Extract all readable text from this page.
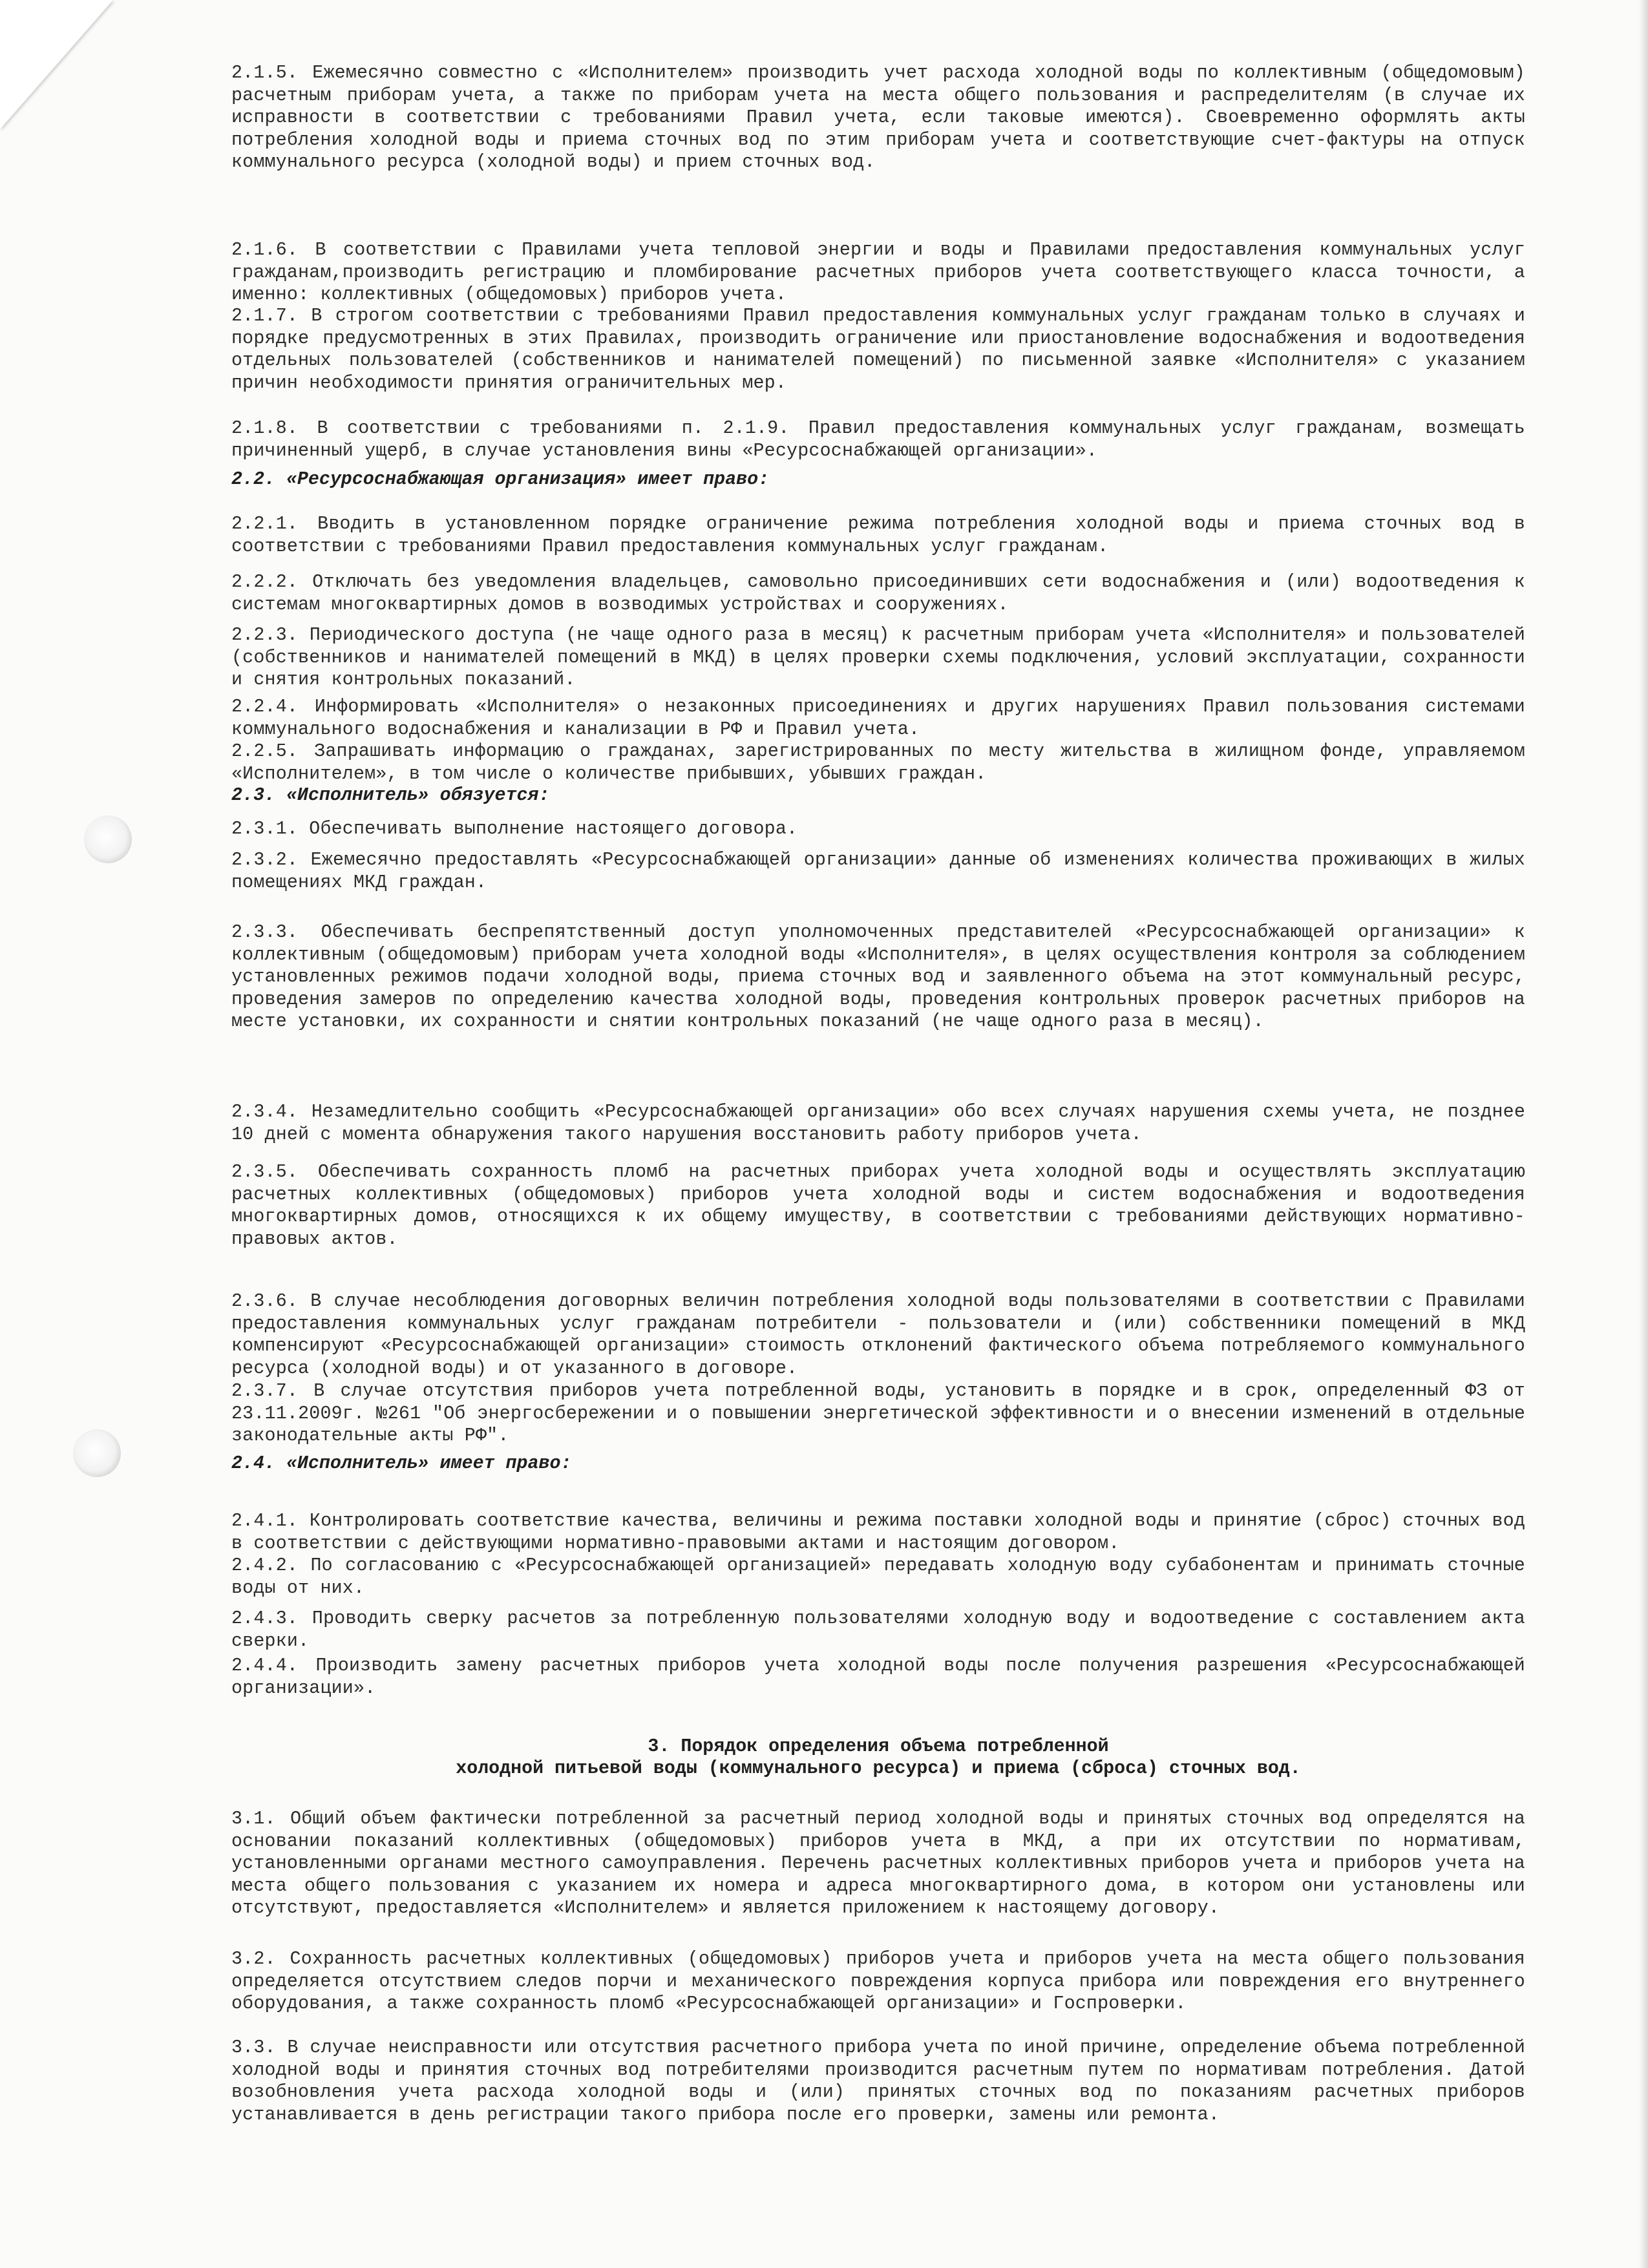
2.1.5. Ежемесячно совместно с «Исполнителем» производить учет расхода холодной воды по коллективным (общедомовым) расчетным приборам учета, а также по приборам учета на места общего пользования и распределителям (в случае их исправности в соответствии с требованиями Правил учета, если таковые имеются). Своевременно оформлять акты потребления холодной воды и приема сточных вод по этим приборам учета и соответствующие счет-фактуры на отпуск коммунального ресурса (холодной воды) и прием сточных вод.
2.1.6. В соответствии с Правилами учета тепловой энергии и воды и Правилами предоставления коммунальных услуг гражданам,производить регистрацию и пломбирование расчетных приборов учета соответствующего класса точности, а именно: коллективных (общедомовых) приборов учета.
2.1.7. В строгом соответствии с требованиями Правил предоставления коммунальных услуг гражданам только в случаях и порядке предусмотренных в этих Правилах, производить ограничение или приостановление водоснабжения и водоотведения отдельных пользователей (собственников и нанимателей помещений) по письменной заявке «Исполнителя» с указанием причин необходимости принятия ограничительных мер.
2.1.8. В соответствии с требованиями п. 2.1.9. Правил предоставления коммунальных услуг гражданам, возмещать причиненный ущерб, в случае установления вины «Ресурсоснабжающей организации».
2.2. «Ресурсоснабжающая организация» имеет право:
2.2.1. Вводить в установленном порядке ограничение режима потребления холодной воды и приема сточных вод в соответствии с требованиями Правил предоставления коммунальных услуг гражданам.
2.2.2. Отключать без уведомления владельцев, самовольно присоединивших сети водоснабжения и (или) водоотведения к системам многоквартирных домов в возводимых устройствах и сооружениях.
2.2.3. Периодического доступа (не чаще одного раза в месяц) к расчетным приборам учета «Исполнителя» и пользователей (собственников и нанимателей помещений в МКД) в целях проверки схемы подключения, условий эксплуатации, сохранности и снятия контрольных показаний.
2.2.4. Информировать «Исполнителя» о незаконных присоединениях и других нарушениях Правил пользования системами коммунального водоснабжения и канализации в РФ и Правил учета.
2.2.5. Запрашивать информацию о гражданах, зарегистрированных по месту жительства в жилищном фонде, управляемом «Исполнителем», в том числе о количестве прибывших, убывших граждан.
2.3. «Исполнитель» обязуетcя:
2.3.1. Обеспечивать выполнение настоящего договора.
2.3.2. Ежемесячно предоставлять «Ресурсоснабжающей организации» данные об изменениях количества проживающих в жилых помещениях МКД граждан.
2.3.3. Обеспечивать беспрепятственный доступ уполномоченных представителей «Ресурсоснабжающей организации» к коллективным (общедомовым) приборам учета холодной воды «Исполнителя», в целях осуществления контроля за соблюдением установленных режимов подачи холодной воды, приема сточных вод и заявленного объема на этот коммунальный ресурс, проведения замеров по определению качества холодной воды, проведения контрольных проверок расчетных приборов на месте установки, их сохранности и снятии контрольных показаний (не чаще одного раза в месяц).
2.3.4. Незамедлительно сообщить «Ресурсоснабжающей организации» обо всех случаях нарушения схемы учета, не позднее 10 дней с момента обнаружения такого нарушения восстановить работу приборов учета.
2.3.5. Обеспечивать сохранность пломб на расчетных приборах учета холодной воды и осуществлять эксплуатацию расчетных коллективных (общедомовых) приборов учета холодной воды и систем водоснабжения и водоотведения многоквартирных домов, относящихся к их общему имуществу, в соответствии с требованиями действующих нормативно-правовых актов.
2.3.6. В случае несоблюдения договорных величин потребления холодной воды пользователями в соответствии с Правилами предоставления коммунальных услуг гражданам потребители - пользователи и (или) собственники помещений в МКД компенсируют «Ресурсоснабжающей организации» стоимость отклонений фактического объема потребляемого коммунального ресурса (холодной воды) и от указанного в договоре.
2.3.7. В случае отсутствия приборов учета потребленной воды, установить в порядке и в срок, определенный ФЗ от 23.11.2009г. №261 "Об энергосбережении и о повышении энергетической эффективности и о внесении изменений в отдельные законодательные акты РФ".
2.4. «Исполнитель» имеет право:
2.4.1. Контролировать соответствие качества, величины и режима поставки холодной воды и принятие (сброс) сточных вод в соответствии с действующими нормативно-правовыми актами и настоящим договором.
2.4.2. По согласованию с «Ресурсоснабжающей организацией» передавать холодную воду субабонентам и принимать сточные воды от них.
2.4.3. Проводить сверку расчетов за потребленную пользователями холодную воду и водоотведение с составлением акта сверки.
2.4.4. Производить замену расчетных приборов учета холодной воды после получения разрешения «Ресурсоснабжающей организации».
3. Порядок определения объема потребленной
холодной питьевой воды (коммунального ресурса) и приема (сброса) сточных вод.
3.1. Общий объем фактически потребленной за расчетный период холодной воды и принятых сточных вод определятся на основании показаний коллективных (общедомовых) приборов учета в МКД, а при их отсутствии по нормативам, установленными органами местного самоуправления. Перечень расчетных коллективных приборов учета и приборов учета на места общего пользования с указанием их номера и адреса многоквартирного дома, в котором они установлены или отсутствуют, предоставляется «Исполнителем» и является приложением к настоящему договору.
3.2. Сохранность расчетных коллективных (общедомовых) приборов учета и приборов учета на места общего пользования определяется отсутствием следов порчи и механического повреждения корпуса прибора или повреждения его внутреннего оборудования, а также сохранность пломб «Ресурсоснабжающей организации» и Госпроверки.
3.3. В случае неисправности или отсутствия расчетного прибора учета по иной причине, определение объема потребленной холодной воды и принятия сточных вод потребителями производится расчетным путем по нормативам потребления. Датой возобновления учета расхода холодной воды и (или) принятых сточных вод по показаниям расчетных приборов устанавливается в день регистрации такого прибора после его проверки, замены или ремонта.
